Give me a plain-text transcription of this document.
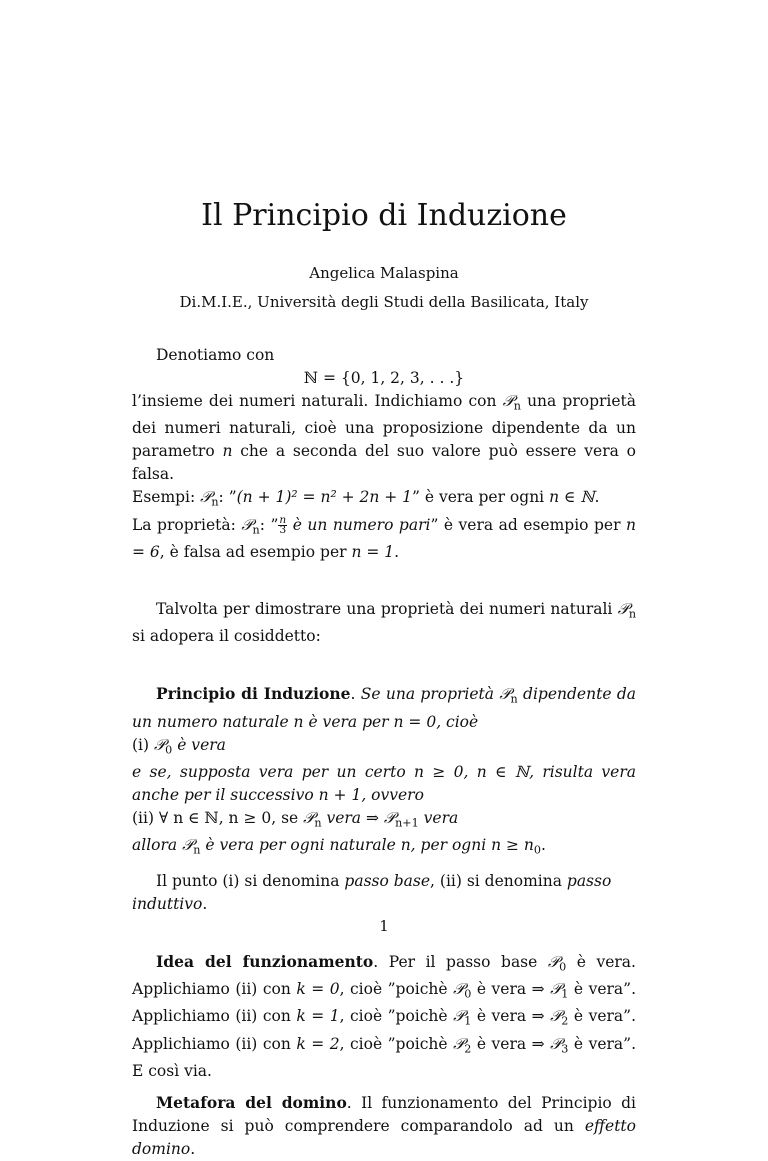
Il Principio di Induzione
Angelica Malaspina
Di.M.I.E., Università degli Studi della Basilicata, Italy

Denotiamo con

ℕ = {0, 1, 2, 3, . . .}

l’insieme dei numeri naturali. Indichiamo con 𝒫$_n$ una proprietà dei numeri naturali, cioè una proposizione dipendente da un parametro n che a seconda del suo valore può essere vera o falsa.

Esempi: 𝒫$_n$: ”(n + 1)² = n² + 2n + 1” è vera per ogni n ∈ ℕ.

La proprietà: 𝒫$_n$: ” $\frac{n}{3}$ è un numero pari” è vera ad esempio per n = 6, è falsa ad esempio per n = 1.

Talvolta per dimostrare una proprietà dei numeri naturali 𝒫$_n$ si adopera il cosiddetto:

Principio di Induzione. Se una proprietà 𝒫$_n$ dipendente da un numero naturale n è vera per n = 0, cioè

(i) 𝒫$_0$ è vera

e se, supposta vera per un certo n ≥ 0, n ∈ ℕ, risulta vera anche per il successivo n + 1, ovvero

(ii) ∀ n ∈ ℕ, n ≥ 0, se 𝒫$_n$ vera ⇒ 𝒫$_{n+1}$ vera

allora 𝒫$_n$ è vera per ogni naturale n, per ogni $n \ge n_0$.

Il punto (i) si denomina passo base, (ii) si denomina passo induttivo.

Idea del funzionamento. Per il passo base 𝒫$_0$ è vera. Applichiamo (ii) con k = 0, cioè ”poichè 𝒫$_0$ è vera ⇒ 𝒫$_1$ è vera”. Applichiamo (ii) con k = 1, cioè ”poichè 𝒫$_1$ è vera ⇒ 𝒫$_2$ è vera”. Applichiamo (ii) con k = 2, cioè ”poichè 𝒫$_2$ è vera ⇒ 𝒫$_3$ è vera”. E così via.

Metafora del domino. Il funzionamento del Principio di Induzione si può comprendere comparandolo ad un effetto domino.

1
